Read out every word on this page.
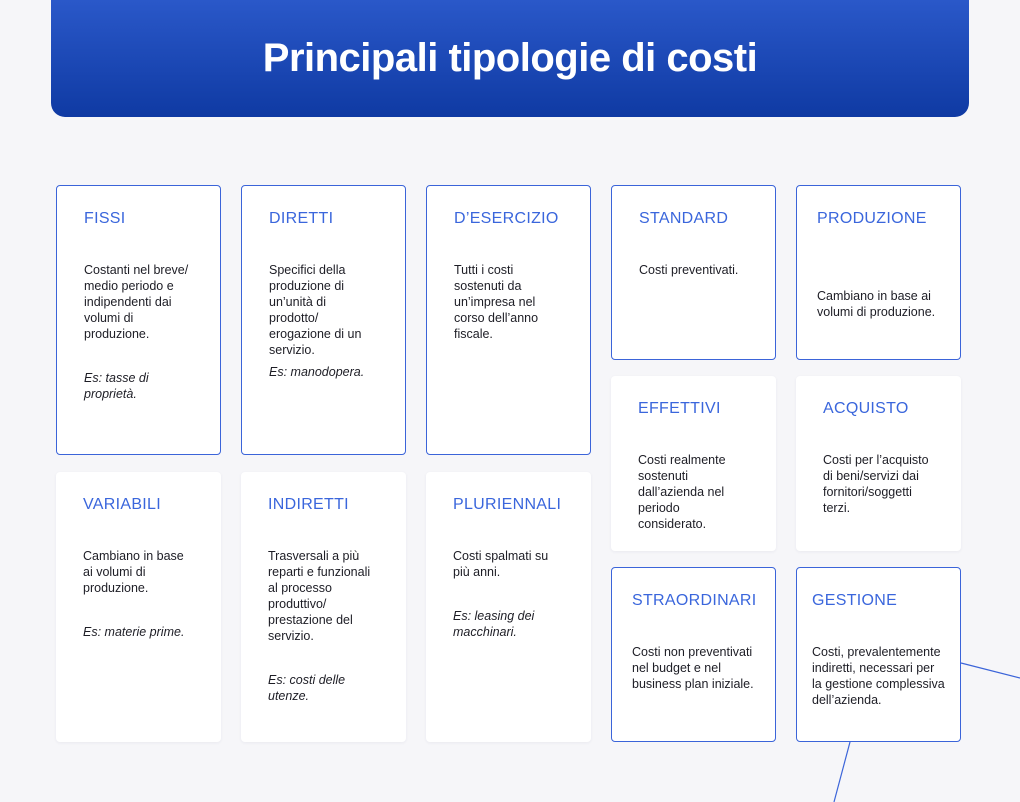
Principali tipologie di costi
FISSI
Costanti nel breve/ medio periodo e indipendenti dai volumi di produzione.
Es: tasse di proprietà.
DIRETTI
Specifici della produzione di un’unità di prodotto/ erogazione di un servizio.
Es: manodopera.
D’ESERCIZIO
Tutti i costi sostenuti da un’impresa nel corso dell’anno fiscale.
STANDARD
Costi preventivati.
PRODUZIONE
Cambiano in base ai volumi di produzione.
EFFETTIVI
Costi realmente sostenuti dall’azienda nel periodo considerato.
ACQUISTO
Costi per l’acquisto di beni/servizi dai fornitori/soggetti terzi.
VARIABILI
Cambiano in base ai volumi di produzione.
Es: materie prime.
INDIRETTI
Trasversali a più reparti e funzionali al processo produttivo/ prestazione del servizio.
Es: costi delle utenze.
PLURIENNALI
Costi spalmati su più anni.
Es: leasing dei macchinari.
STRAORDINARI
Costi non preventivati nel budget e nel business plan iniziale.
GESTIONE
Costi, prevalentemente indiretti, necessari per la gestione complessiva dell’azienda.
